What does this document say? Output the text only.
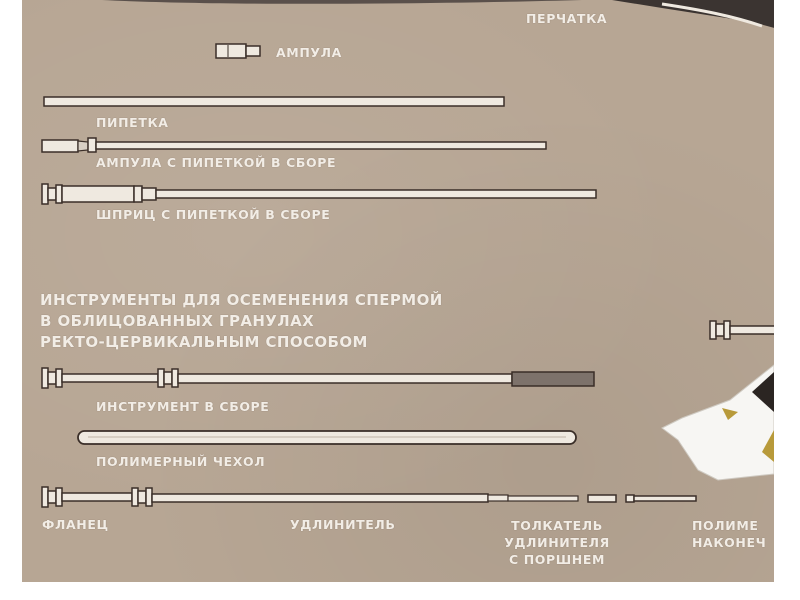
ПЕРЧАТКА
АМПУЛА
ПИПЕТКА
АМПУЛА С ПИПЕТКОЙ В СБОРЕ
ШПРИЦ С ПИПЕТКОЙ В СБОРЕ
ИНСТРУМЕНТЫ ДЛЯ ОСЕМЕНЕНИЯ СПЕРМОЙ
В ОБЛИЦОВАННЫХ ГРАНУЛАХ
РЕКТО-ЦЕРВИКАЛЬНЫМ СПОСОБОМ
ИНСТРУМЕНТ В СБОРЕ
ПОЛИМЕРНЫЙ ЧЕХОЛ
ФЛАНЕЦ	УДЛИНИТЕЛЬ	ТОЛКАТЕЛЬ
УДЛИНИТЕЛЯ
С ПОРШНЕМ
ПОЛИМЕ
НАКОНЕЧ
